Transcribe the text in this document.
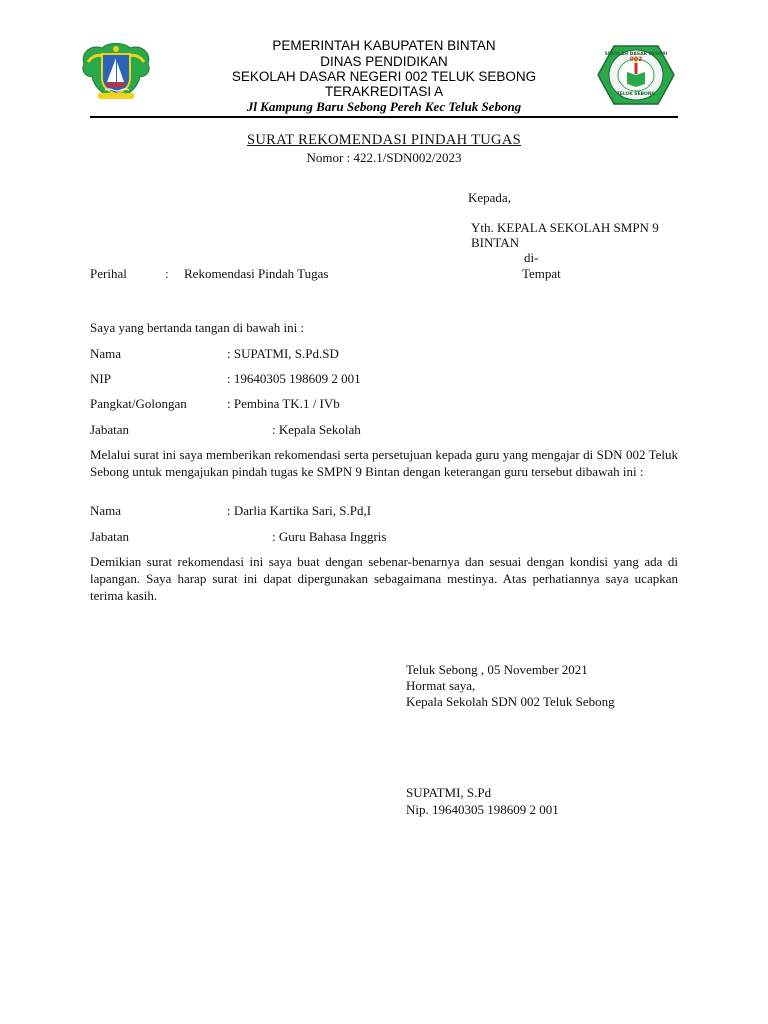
PEMERINTAH KABUPATEN BINTAN
DINAS PENDIDIKAN
SEKOLAH DASAR NEGERI 002 TELUK SEBONG
TERAKREDITASI A
Jl Kampung Baru Sebong Pereh Kec Teluk Sebong
SEKOLAH DASAR NEGERI
002
TELUK SEBONG
SURAT REKOMENDASI PINDAH TUGAS
Nomor : 422.1/SDN002/2023
Kepada,
Yth. KEPALA SEKOLAH SMPN 9
BINTAN
di-
Tempat
Perihal	: Rekomendasi Pindah Tugas
Saya yang bertanda tangan di bawah ini :
Nama	: SUPATMI, S.Pd.SD
NIP	: 19640305 198609 2 001
Pangkat/Golongan	: Pembina TK.1 / IVb
Jabatan	: Kepala Sekolah
Melalui surat ini saya memberikan rekomendasi serta persetujuan kepada guru yang mengajar di SDN 002 Teluk Sebong untuk mengajukan pindah tugas ke SMPN 9 Bintan dengan keterangan guru tersebut dibawah ini :
Nama	: Darlia Kartika Sari, S.Pd,I
Jabatan	: Guru Bahasa Inggris
Demikian surat rekomendasi ini saya buat dengan sebenar-benarnya dan sesuai dengan kondisi yang ada di lapangan. Saya harap surat ini dapat dipergunakan sebagaimana mestinya. Atas perhatiannya saya ucapkan terima kasih.
Teluk Sebong , 05 November 2021
Hormat saya,
Kepala Sekolah SDN 002 Teluk Sebong
SUPATMI, S.Pd
Nip. 19640305 198609 2 001
